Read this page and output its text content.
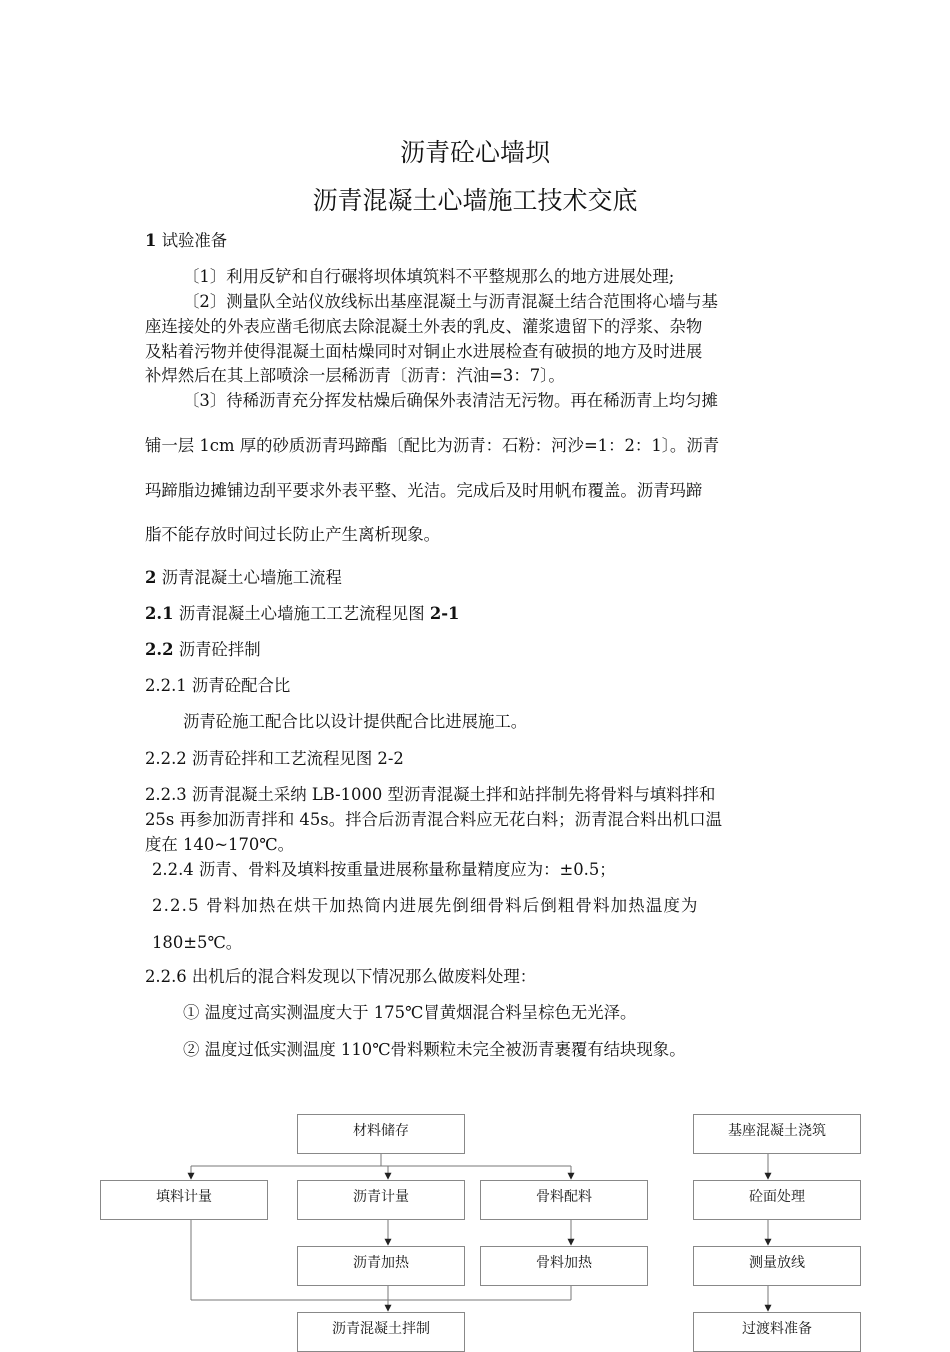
沥青砼心墙坝

沥青混凝土心墙施工技术交底

1 试验准备

〔1〕利用反铲和自行碾将坝体填筑料不平整规那么的地方进展处理;

〔2〕测量队全站仪放线标出基座混凝土与沥青混凝土结合范围将心墙与基

座连接处的外表应凿毛彻底去除混凝土外表的乳皮、灌浆遗留下的浮浆、杂物

及粘着污物并使得混凝土面枯燥同时对铜止水进展检查有破损的地方及时进展

补焊然后在其上部喷涂一层稀沥青〔沥青：汽油=3：7〕。

〔3〕待稀沥青充分挥发枯燥后确保外表清洁无污物。再在稀沥青上均匀摊

铺一层 1cm 厚的砂质沥青玛蹄酯〔配比为沥青：石粉：河沙=1：2：1〕。沥青

玛蹄脂边摊铺边刮平要求外表平整、光洁。完成后及时用帆布覆盖。沥青玛蹄

脂不能存放时间过长防止产生离析现象。

2 沥青混凝土心墙施工流程

2.1 沥青混凝土心墙施工工艺流程见图 2-1

2.2 沥青砼拌制

2.2.1 沥青砼配合比

沥青砼施工配合比以设计提供配合比进展施工。

2.2.2 沥青砼拌和工艺流程见图 2-2

2.2.3 沥青混凝土采纳 LB-1000 型沥青混凝土拌和站拌制先将骨料与填料拌和

25s 再参加沥青拌和 45s。拌合后沥青混合料应无花白料；沥青混合料出机口温

度在 140~170℃。

2.2.4 沥青、骨料及填料按重量进展称量称量精度应为：±0.5；

2.2.5 骨料加热在烘干加热筒内进展先倒细骨料后倒粗骨料加热温度为

180±5℃。

2.2.6 出机后的混合料发现以下情况那么做废料处理：

① 温度过高实测温度大于 175℃冒黄烟混合料呈棕色无光泽。

② 温度过低实测温度 110℃骨料颗粒未完全被沥青裹覆有结块现象。

材料储存
填料计量	沥青计量	骨料配料
沥青加热	骨料加热
沥青混凝土拌制
基座混凝土浇筑
砼面处理
测量放线
过渡料准备
